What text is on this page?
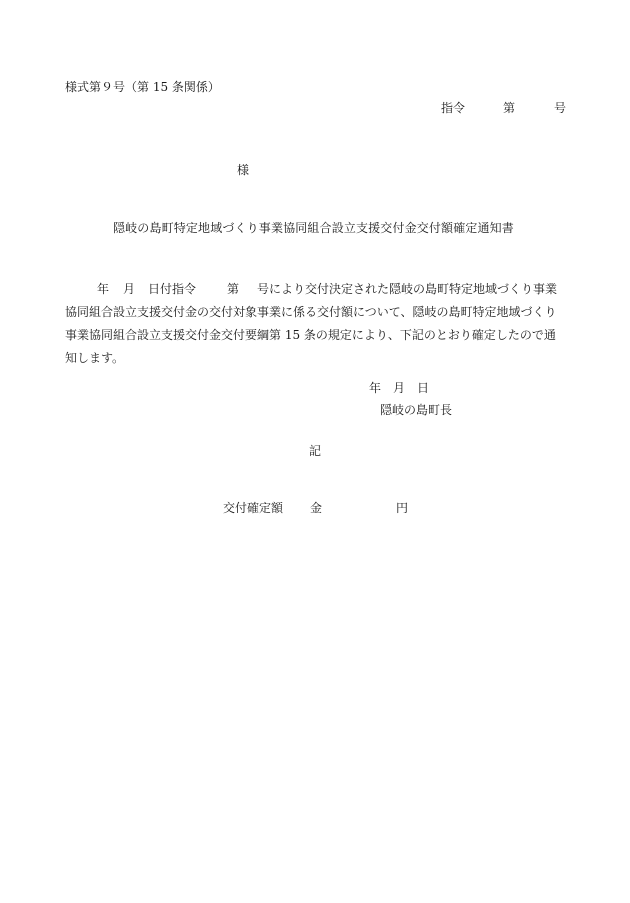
様式第９号（第 15 条関係）
指令	第	号
様
隠岐の島町特定地域づくり事業協同組合設立支援交付金交付額確定通知書
年 月 日付指令	第 号により交付決定された隠岐の島町特定地域づくり事業
協同組合設立支援交付金の交付対象事業に係る交付額について、隠岐の島町特定地域づくり
事業協同組合設立支援交付金交付要綱第 15 条の規定により、下記のとおり確定したので通
知します。
年 月 日
隠岐の島町長
記
交付確定額 金	円
